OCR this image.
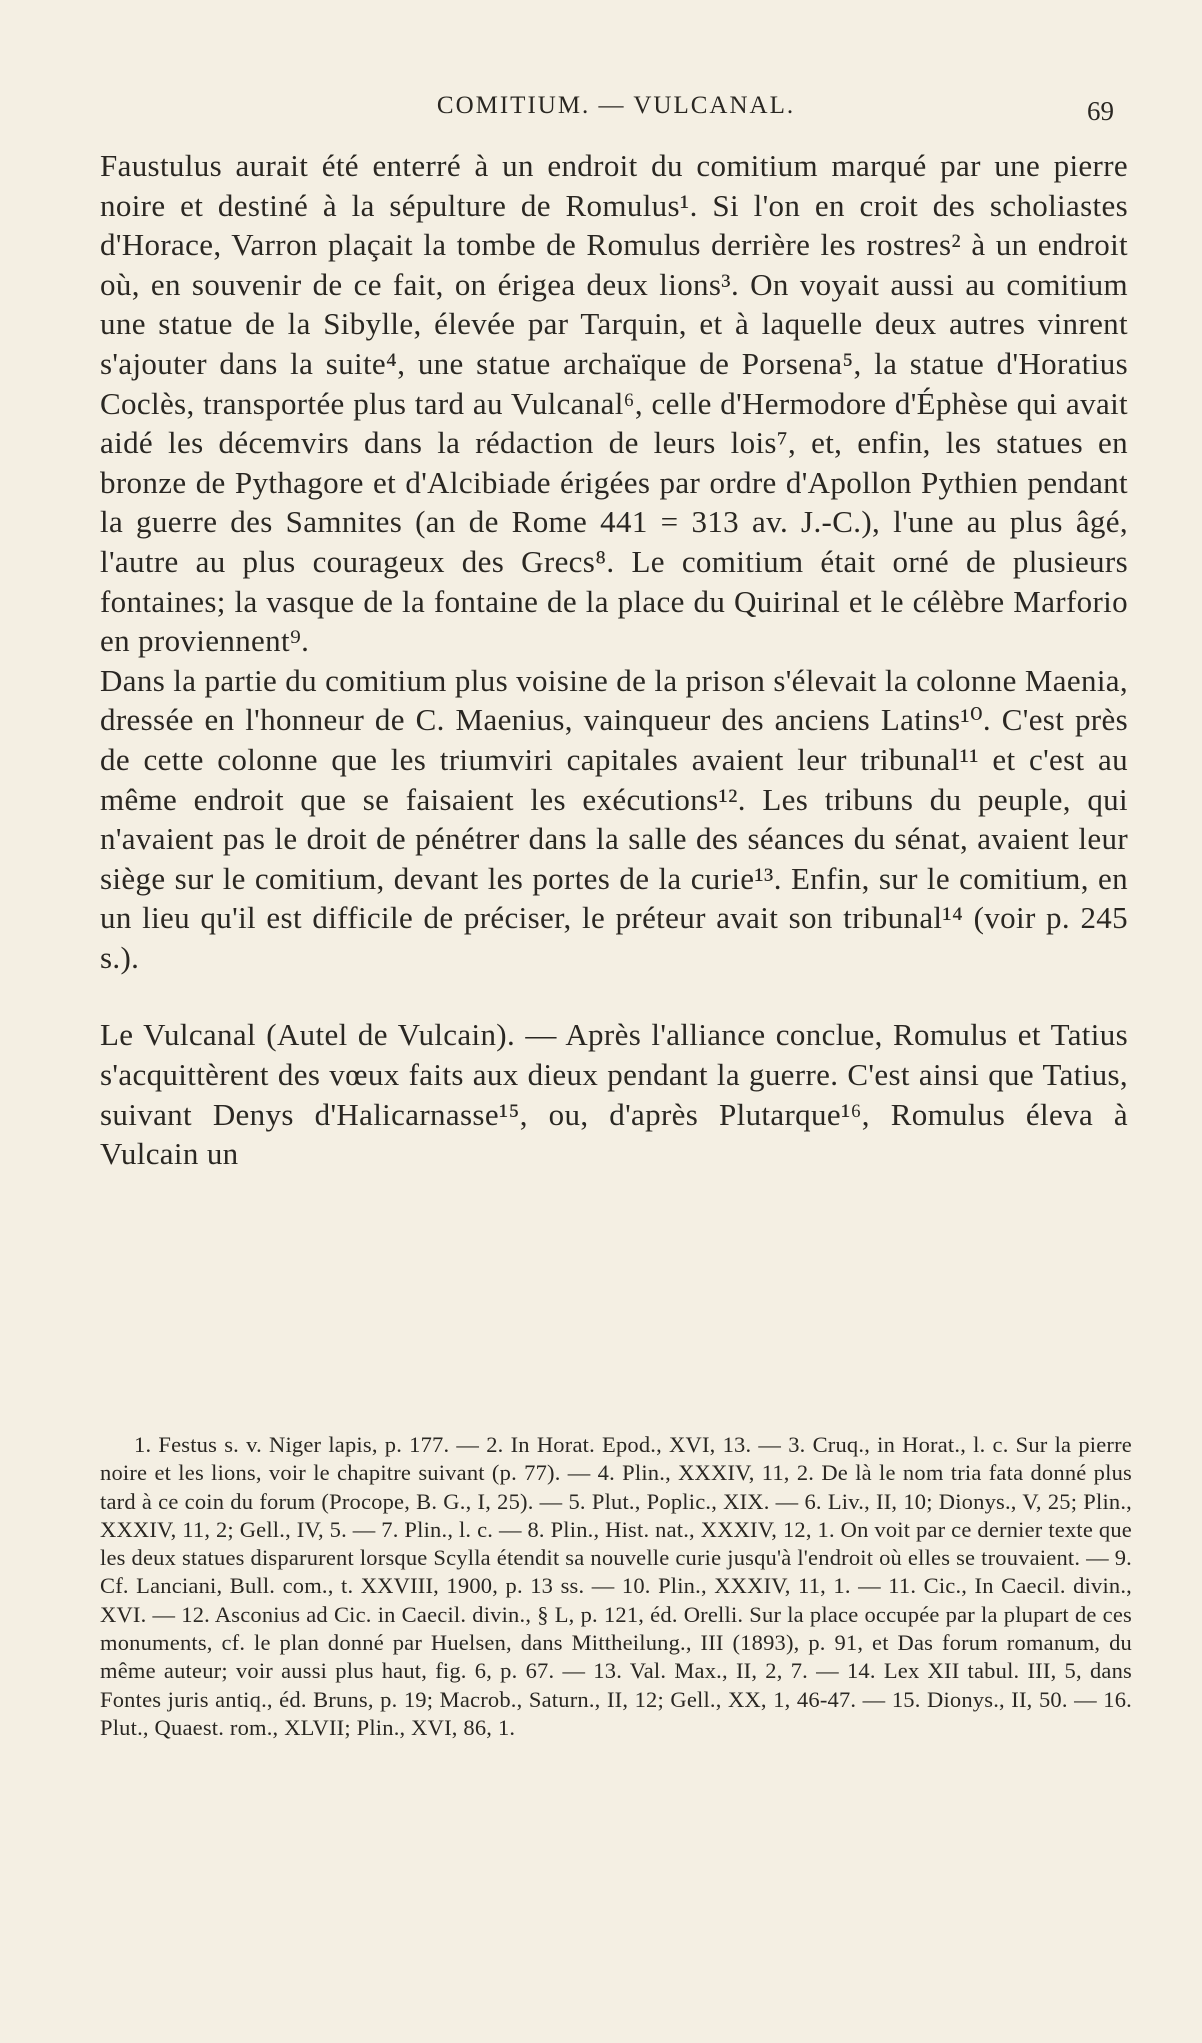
COMITIUM. — VULCANAL.	69

Faustulus aurait été enterré à un endroit du comitium marqué par une pierre noire et destiné à la sépulture de Romulus¹. Si l'on en croit des scholiastes d'Horace, Varron plaçait la tombe de Romulus derrière les rostres² à un endroit où, en souvenir de ce fait, on érigea deux lions³. On voyait aussi au comitium une statue de la Sibylle, élevée par Tarquin, et à laquelle deux autres vinrent s'ajouter dans la suite⁴, une statue archaïque de Porsena⁵, la statue d'Horatius Coclès, transportée plus tard au Vulcanal⁶, celle d'Hermodore d'Éphèse qui avait aidé les décemvirs dans la rédaction de leurs lois⁷, et, enfin, les statues en bronze de Pythagore et d'Alcibiade érigées par ordre d'Apollon Pythien pendant la guerre des Samnites (an de Rome 441 = 313 av. J.-C.), l'une au plus âgé, l'autre au plus courageux des Grecs⁸. Le comitium était orné de plusieurs fontaines; la vasque de la fontaine de la place du Quirinal et le célèbre Marforio en proviennent⁹.

Dans la partie du comitium plus voisine de la prison s'élevait la colonne Maenia, dressée en l'honneur de C. Maenius, vainqueur des anciens Latins¹⁰. C'est près de cette colonne que les triumviri capitales avaient leur tribunal¹¹ et c'est au même endroit que se faisaient les exécutions¹². Les tribuns du peuple, qui n'avaient pas le droit de pénétrer dans la salle des séances du sénat, avaient leur siège sur le comitium, devant les portes de la curie¹³. Enfin, sur le comitium, en un lieu qu'il est difficile de préciser, le préteur avait son tribunal¹⁴ (voir p. 245 s.).

Le Vulcanal (Autel de Vulcain). — Après l'alliance conclue, Romulus et Tatius s'acquittèrent des vœux faits aux dieux pendant la guerre. C'est ainsi que Tatius, suivant Denys d'Halicarnasse¹⁵, ou, d'après Plutarque¹⁶, Romulus éleva à Vulcain un

1. Festus s. v. Niger lapis, p. 177. — 2. In Horat. Epod., XVI, 13. — 3. Cruq., in Horat., l. c. Sur la pierre noire et les lions, voir le chapitre suivant (p. 77). — 4. Plin., XXXIV, 11, 2. De là le nom tria fata donné plus tard à ce coin du forum (Procope, B. G., I, 25). — 5. Plut., Poplic., XIX. — 6. Liv., II, 10; Dionys., V, 25; Plin., XXXIV, 11, 2; Gell., IV, 5. — 7. Plin., l. c. — 8. Plin., Hist. nat., XXXIV, 12, 1. On voit par ce dernier texte que les deux statues disparurent lorsque Scylla étendit sa nouvelle curie jusqu'à l'endroit où elles se trouvaient. — 9. Cf. Lanciani, Bull. com., t. XXVIII, 1900, p. 13 ss. — 10. Plin., XXXIV, 11, 1. — 11. Cic., In Caecil. divin., XVI. — 12. Asconius ad Cic. in Caecil. divin., § L, p. 121, éd. Orelli. Sur la place occupée par la plupart de ces monuments, cf. le plan donné par Huelsen, dans Mittheilung., III (1893), p. 91, et Das forum romanum, du même auteur; voir aussi plus haut, fig. 6, p. 67. — 13. Val. Max., II, 2, 7. — 14. Lex XII tabul. III, 5, dans Fontes juris antiq., éd. Bruns, p. 19; Macrob., Saturn., II, 12; Gell., XX, 1, 46-47. — 15. Dionys., II, 50. — 16. Plut., Quaest. rom., XLVII; Plin., XVI, 86, 1.
